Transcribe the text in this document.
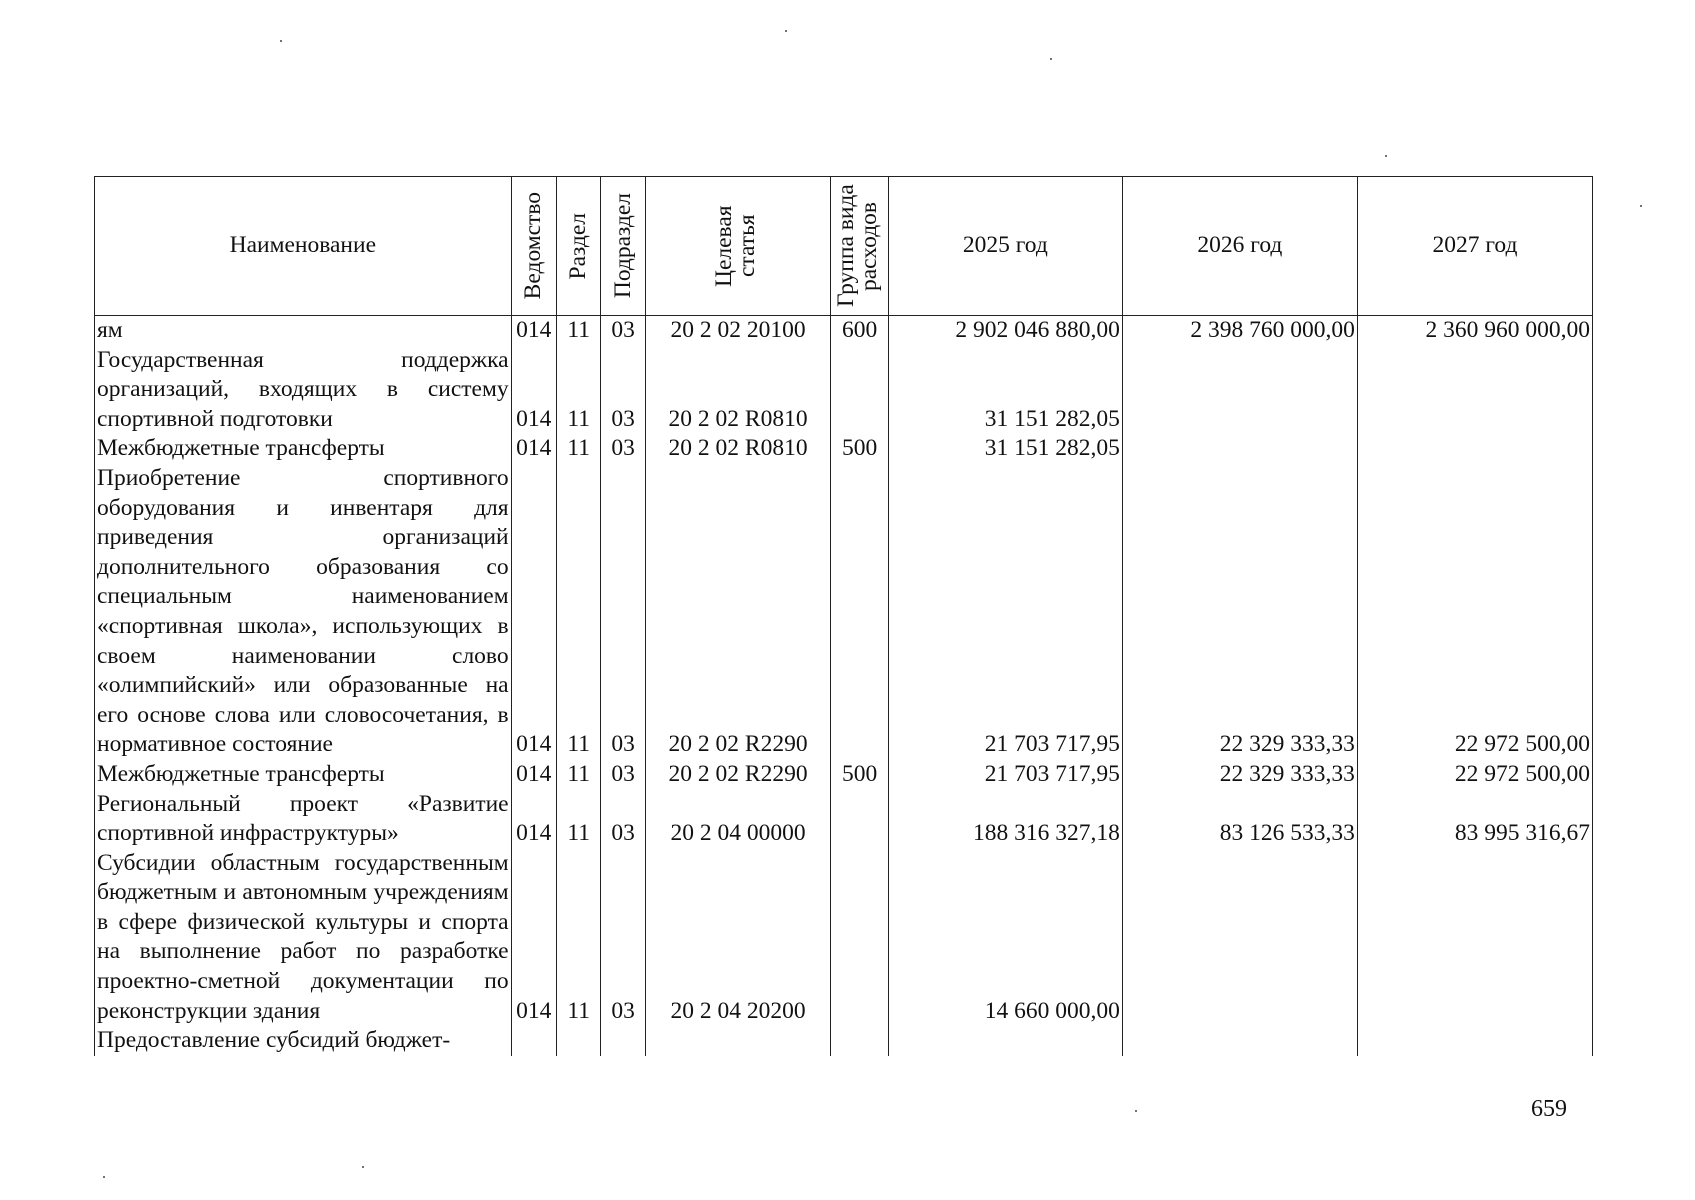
Наименование	Ведомство	Раздел	Подраздел	Целевая статья	Группа вида расходов	2025 год	2026 год	2027 год
ям	014	11	03	20 2 02 20100	600	2 902 046 880,00	2 398 760 000,00	2 360 960 000,00
Государственная поддержка организаций, входящих в систему спортивной подготовки	014	11	03	20 2 02 R0810		31 151 282,05		
Межбюджетные трансферты	014	11	03	20 2 02 R0810	500	31 151 282,05		
Приобретение спортивного оборудования и инвентаря для приведения организаций дополнительного образования со специальным наименованием «спортивная школа», использующих в своем наименовании слово «олимпийский» или образованные на его основе слова или словосочетания, в нормативное состояние	014	11	03	20 2 02 R2290		21 703 717,95	22 329 333,33	22 972 500,00
Межбюджетные трансферты	014	11	03	20 2 02 R2290	500	21 703 717,95	22 329 333,33	22 972 500,00
Региональный проект «Развитие спортивной инфраструктуры»	014	11	03	20 2 04 00000		188 316 327,18	83 126 533,33	83 995 316,67
Субсидии областным государственным бюджетным и автономным учреждениям в сфере физической культуры и спорта на выполнение работ по разработке проектно-сметной документации по реконструкции здания	014	11	03	20 2 04 20200		14 660 000,00		
Предоставление субсидий бюджет-								
659
